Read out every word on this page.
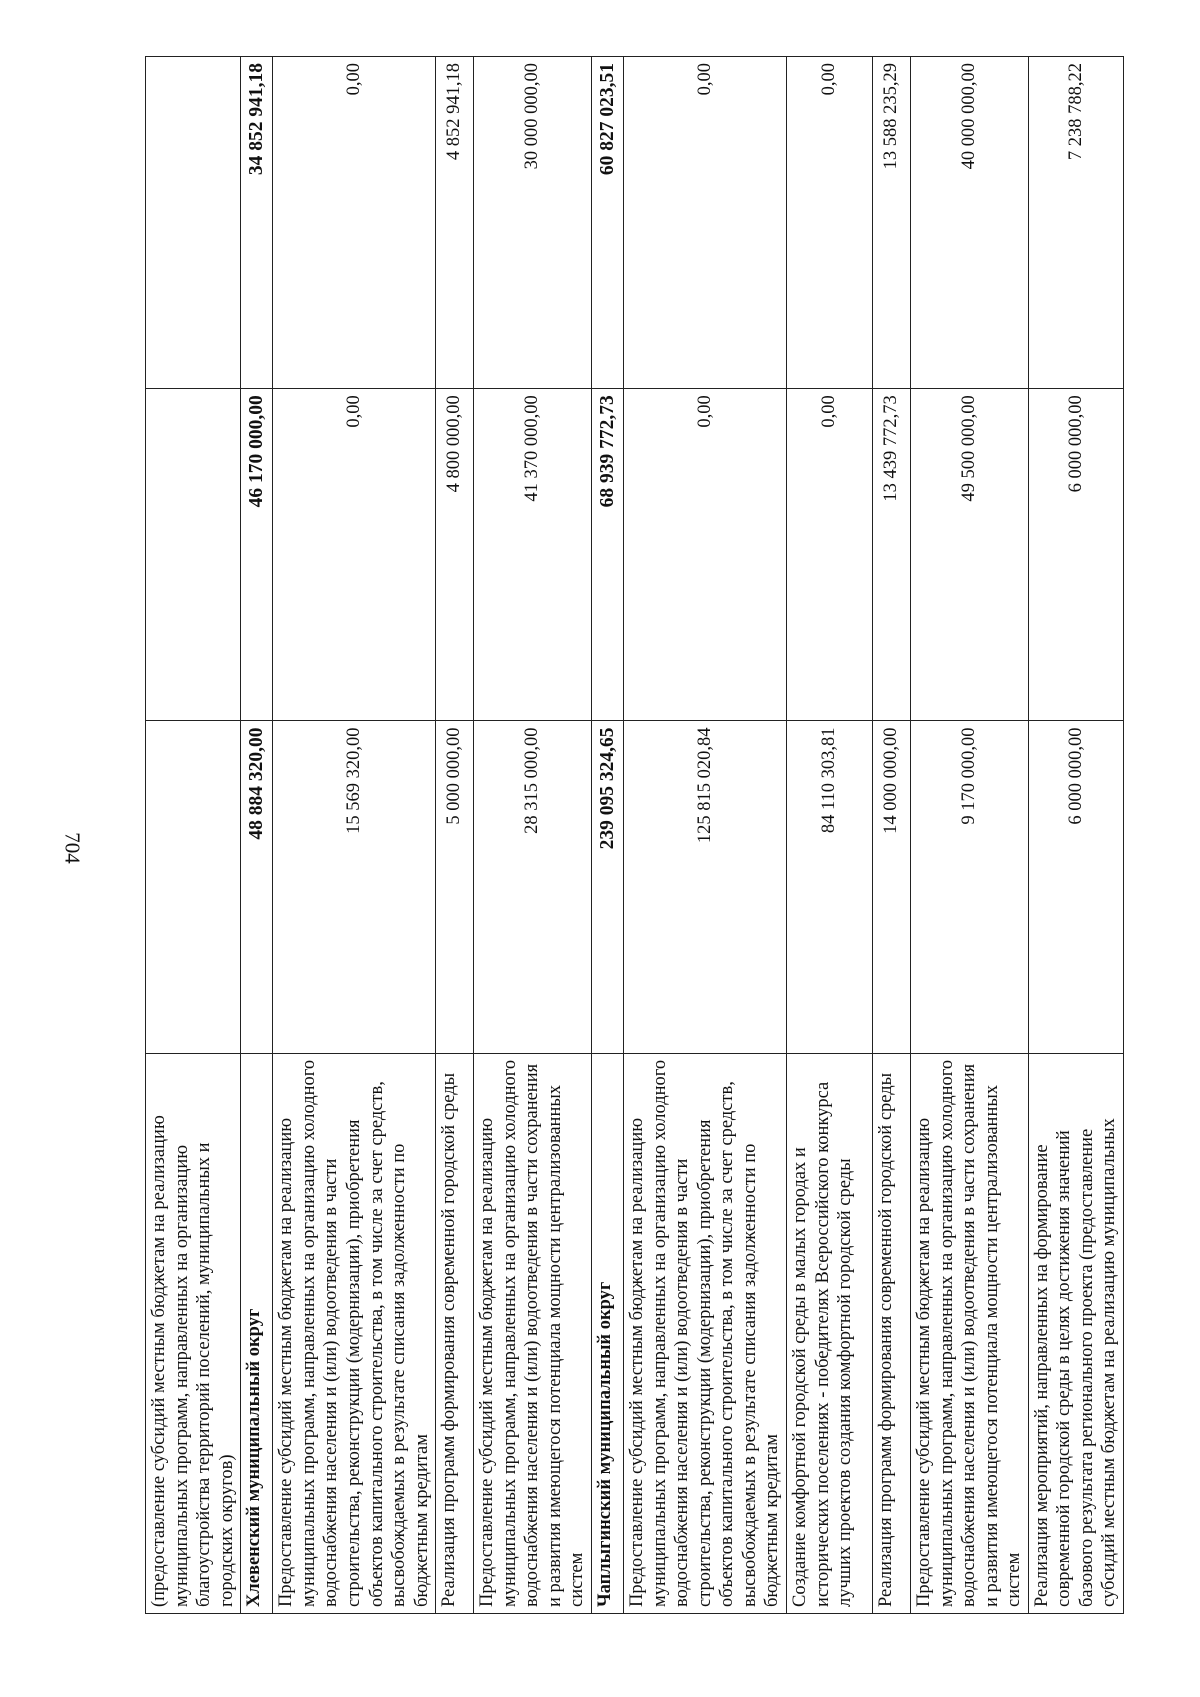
704
(предоставление субсидий местным бюджетам на реализацию муниципальных программ, направленных на организацию благоустройства территорий поселений, муниципальных и городских округов)			
Хлевенский муниципальный округ	48 884 320,00	46 170 000,00	34 852 941,18
Предоставление субсидий местным бюджетам на реализацию муниципальных программ, направленных на организацию холодного водоснабжения населения и (или) водоотведения в части строительства, реконструкции (модернизации), приобретения объектов капитального строительства, в том числе за счет средств, высвобождаемых в результате списания задолженности по бюджетным кредитам	15 569 320,00	0,00	0,00
Реализация программ формирования современной городской среды	5 000 000,00	4 800 000,00	4 852 941,18
Предоставление субсидий местным бюджетам на реализацию муниципальных программ, направленных на организацию холодного водоснабжения населения и (или) водоотведения в части сохранения и развития имеющегося потенциала мощности централизованных систем	28 315 000,00	41 370 000,00	30 000 000,00
Чаплыгинский муниципальный округ	239 095 324,65	68 939 772,73	60 827 023,51
Предоставление субсидий местным бюджетам на реализацию муниципальных программ, направленных на организацию холодного водоснабжения населения и (или) водоотведения в части строительства, реконструкции (модернизации), приобретения объектов капитального строительства, в том числе за счет средств, высвобождаемых в результате списания задолженности по бюджетным кредитам	125 815 020,84	0,00	0,00
Создание комфортной городской среды в малых городах и исторических поселениях - победителях Всероссийского конкурса лучших проектов создания комфортной городской среды	84 110 303,81	0,00	0,00
Реализация программ формирования современной городской среды	14 000 000,00	13 439 772,73	13 588 235,29
Предоставление субсидий местным бюджетам на реализацию муниципальных программ, направленных на организацию холодного водоснабжения населения и (или) водоотведения в части сохранения и развития имеющегося потенциала мощности централизованных систем	9 170 000,00	49 500 000,00	40 000 000,00
Реализация мероприятий, направленных на формирование современной городской среды в целях достижения значений базового результата регионального проекта (предоставление субсидий местным бюджетам на реализацию муниципальных	6 000 000,00	6 000 000,00	7 238 788,22
